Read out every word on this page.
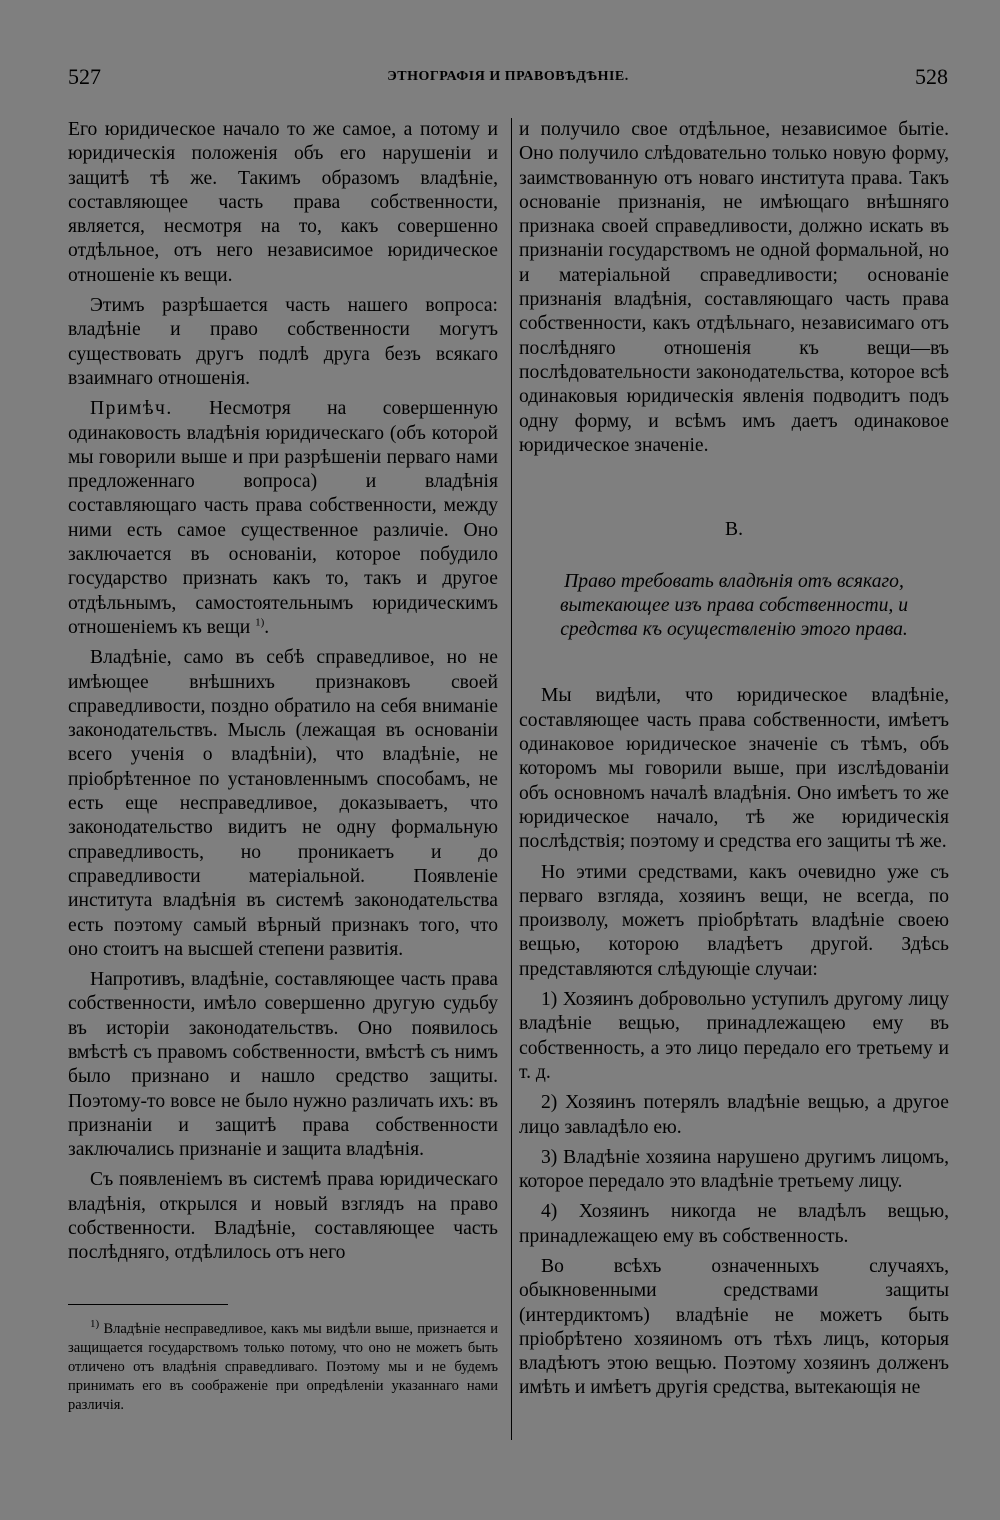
527	ЭТНОГРАФІЯ И ПРАВОВѢДѢНІЕ.	528

Его юридическое начало то же самое, а потому и юридическія положенія объ его нарушеніи и защитѣ тѣ же. Такимъ образомъ владѣніе, составляющее часть права собственности, является, несмотря на то, какъ совершенно отдѣльное, отъ него независимое юридическое отношеніе къ вещи.

Этимъ разрѣшается часть нашего вопроса: владѣніе и право собственности могутъ существовать другъ подлѣ друга безъ всякаго взаимнаго отношенія.

Примѣч. Несмотря на совершенную одинаковость владѣнія юридическаго (объ которой мы говорили выше и при разрѣшеніи перваго нами предложеннаго вопроса) и владѣнія составляющаго часть права собственности, между ними есть самое существенное различіе. Оно заключается въ основаніи, которое побудило государство признать какъ то, такъ и другое отдѣльнымъ, самостоятельнымъ юридическимъ отношеніемъ къ вещи $^{1)}$.

Владѣніе, само въ себѣ справедливое, но не имѣющее внѣшнихъ признаковъ своей справедливости, поздно обратило на себя вниманіе законодательствъ. Мысль (лежащая въ основаніи всего ученія о владѣніи), что владѣніе, не пріобрѣтенное по установленнымъ способамъ, не есть еще несправедливое, доказываетъ, что законодательство видитъ не одну формальную справедливость, но проникаетъ и до справедливости матеріальной. Появленіе института владѣнія въ системѣ законодательства есть поэтому самый вѣрный признакъ того, что оно стоитъ на высшей степени развитія.

Напротивъ, владѣніе, составляющее часть права собственности, имѣло совершенно другую судьбу въ исторіи законодательствъ. Оно появилось вмѣстѣ съ правомъ собственности, вмѣстѣ съ нимъ было признано и нашло средство защиты. Поэтому-то вовсе не было нужно различать ихъ: въ признаніи и защитѣ права собственности заключались признаніе и защита владѣнія.

Съ появленіемъ въ системѣ права юридическаго владѣнія, открылся и новый взглядъ на право собственности. Владѣніе, составляющее часть послѣдняго, отдѣлилось отъ него

$^{1)}$ Владѣніе несправедливое, какъ мы видѣли выше, признается и защищается государствомъ только потому, что оно не можетъ быть отличено отъ владѣнія справедливаго. Поэтому мы и не будемъ принимать его въ соображеніе при опредѣленіи указаннаго нами различія.

и получило свое отдѣльное, независимое бытіе. Оно получило слѣдовательно только новую форму, заимствованную отъ новаго института права. Такъ основаніе признанія, не имѣющаго внѣшняго признака своей справедливости, должно искать въ признаніи государствомъ не одной формальной, но и матеріальной справедливости; основаніе признанія владѣнія, составляющаго часть права собственности, какъ отдѣльнаго, независимаго отъ послѣдняго отношенія къ вещи—въ послѣдовательности законодательства, которое всѣ одинаковыя юридическія явленія подводитъ подъ одну форму, и всѣмъ имъ даетъ одинаковое юридическое значеніе.

В.

Право требовать владѣнія отъ всякаго, вытекающее изъ права собственности, и средства къ осуществленію этого права.

Мы видѣли, что юридическое владѣніе, составляющее часть права собственности, имѣетъ одинаковое юридическое значеніе съ тѣмъ, объ которомъ мы говорили выше, при изслѣдованіи объ основномъ началѣ владѣнія. Оно имѣетъ то же юридическое начало, тѣ же юридическія послѣдствія; поэтому и средства его защиты тѣ же.

Но этими средствами, какъ очевидно уже съ перваго взгляда, хозяинъ вещи, не всегда, по произволу, можетъ пріобрѣтать владѣніе своею вещью, которою владѣетъ другой. Здѣсь представляются слѣдующіе случаи:

1) Хозяинъ добровольно уступилъ другому лицу владѣніе вещью, принадлежащею ему въ собственность, а это лицо передало его третьему и т. д.

2) Хозяинъ потерялъ владѣніе вещью, а другое лицо завладѣло ею.

3) Владѣніе хозяина нарушено другимъ лицомъ, которое передало это владѣніе третьему лицу.

4) Хозяинъ никогда не владѣлъ вещью, принадлежащею ему въ собственность.

Во всѣхъ означенныхъ случаяхъ, обыкновенными средствами защиты (интердиктомъ) владѣніе не можетъ быть пріобрѣтено хозяиномъ отъ тѣхъ лицъ, которыя владѣютъ этою вещью. Поэтому хозяинъ долженъ имѣть и имѣетъ другія средства, вытекающія не
